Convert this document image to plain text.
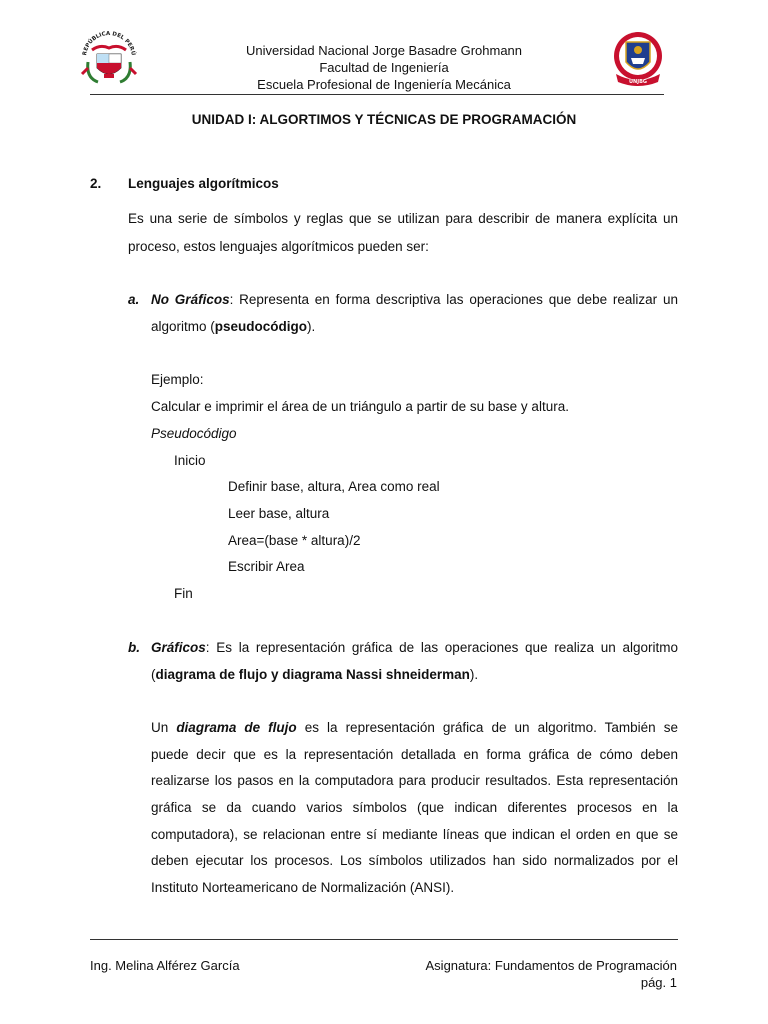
REPÚBLICA DEL PERÚ	Universidad Nacional Jorge Basadre Grohmann
Facultad de Ingeniería
Escuela Profesional de Ingeniería Mecánica	UNJBG
UNIDAD I: ALGORTIMOS Y TÉCNICAS DE PROGRAMACIÓN
2. Lenguajes algorítmicos
Es una serie de símbolos y reglas que se utilizan para describir de manera explícita un
proceso, estos lenguajes algorítmicos pueden ser:
a. No Gráficos: Representa en forma descriptiva las operaciones que debe realizar un
algoritmo (pseudocódigo).
Ejemplo:
Calcular e imprimir el área de un triángulo a partir de su base y altura.
Pseudocódigo
Inicio
Definir base, altura, Area como real
Leer base, altura
Area=(base * altura)/2
Escribir Area
Fin
b. Gráficos: Es la representación gráfica de las operaciones que realiza un algoritmo
(diagrama de flujo y diagrama Nassi shneiderman).
Un diagrama de flujo es la representación gráfica de un algoritmo. También se
puede decir que es la representación detallada en forma gráfica de cómo deben
realizarse los pasos en la computadora para producir resultados. Esta representación
gráfica se da cuando varios símbolos (que indican diferentes procesos en la
computadora), se relacionan entre sí mediante líneas que indican el orden en que se
deben ejecutar los procesos. Los símbolos utilizados han sido normalizados por el
Instituto Norteamericano de Normalización (ANSI).
Ing. Melina Alférez García	Asignatura: Fundamentos de Programación
pág. 1
